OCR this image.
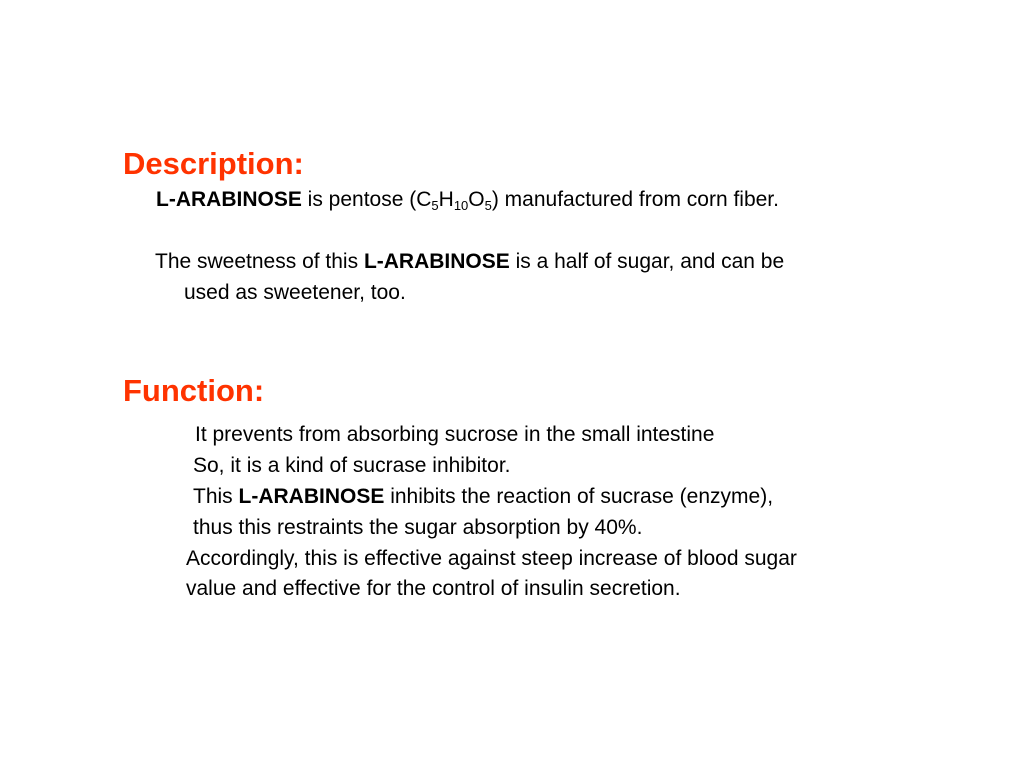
Description:
L-ARABINOSE is pentose $(C_5H_{10}O_5)$ manufactured from corn fiber.
The sweetness of this L-ARABINOSE is a half of sugar, and can be
used as sweetener, too.
Function:
It prevents from absorbing sucrose in the small intestine
So, it is a kind of sucrase inhibitor.
This L-ARABINOSE inhibits the reaction of sucrase (enzyme),
thus this restraints the sugar absorption by 40%.
Accordingly, this is effective against steep increase of blood sugar
value and effective for the control of insulin secretion.
